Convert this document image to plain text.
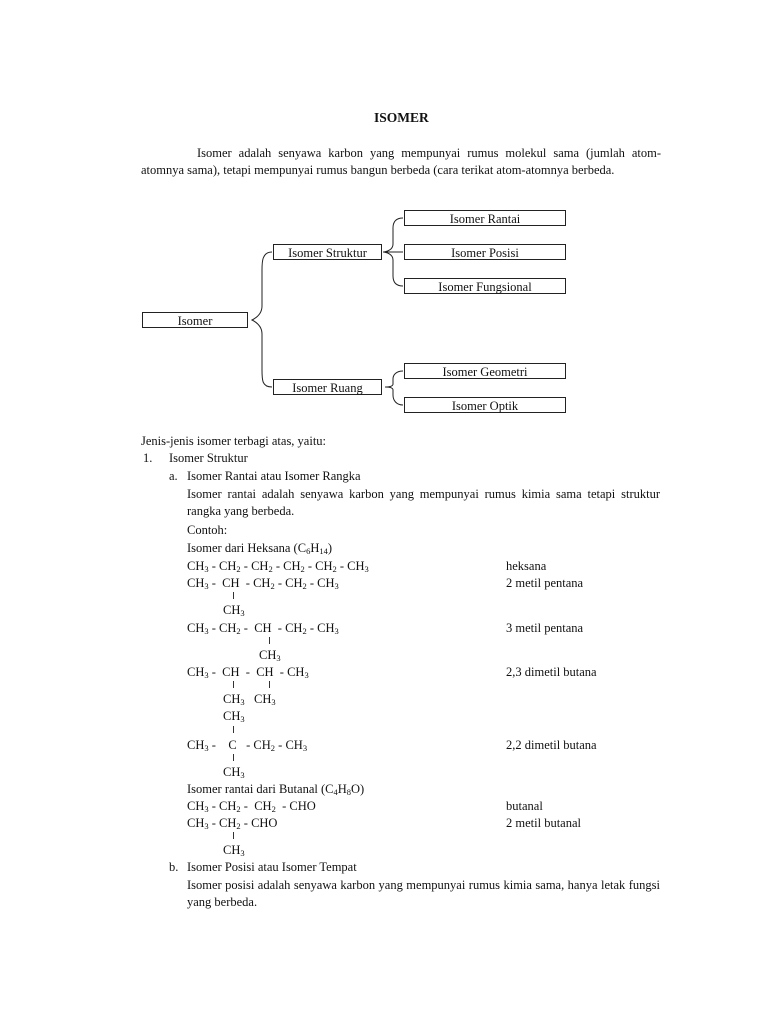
ISOMER
Isomer adalah senyawa karbon yang mempunyai rumus molekul sama (jumlah atom-atomnya sama), tetapi mempunyai rumus bangun berbeda (cara terikat atom-atomnya berbeda.
Isomer
Isomer Struktur
Isomer Ruang
Isomer Rantai
Isomer Posisi
Isomer Fungsional
Isomer Geometri
Isomer Optik
Jenis-jenis isomer terbagi atas, yaitu:
1. Isomer Struktur
a. Isomer Rantai atau Isomer Rangka
Isomer rantai adalah senyawa karbon yang mempunyai rumus kimia sama tetapi struktur rangka yang berbeda.
Contoh:
Isomer dari Heksana $(C_6H_{14})$
$CH_3 - CH_2 - CH_2 - CH_2 - CH_2 - CH_3$	heksana
$CH_3$ -  CH  - $CH_2 - CH_2 - CH_3$
$CH_3$
2 metil pentana
$CH_3 - CH_2$ -  CH  - $CH_2 - CH_3$
$CH_3$
3 metil pentana
$CH_3$ -  CH  -  CH  - $CH_3$
$CH_3$   $CH_3$
2,3 dimetil butana
$CH_3$
$CH_3$ -    C   - $CH_2 - CH_3$
$CH_3$
2,2 dimetil butana
Isomer rantai dari Butanal $(C_4H_8O)$
$CH_3 - CH_2 - CH_2$  - CHO	butanal
$CH_3 - CH_2$ - CHO
$CH_3$
2 metil butanal
b. Isomer Posisi atau Isomer Tempat
Isomer posisi adalah senyawa karbon yang mempunyai rumus kimia sama, hanya letak fungsi yang berbeda.
